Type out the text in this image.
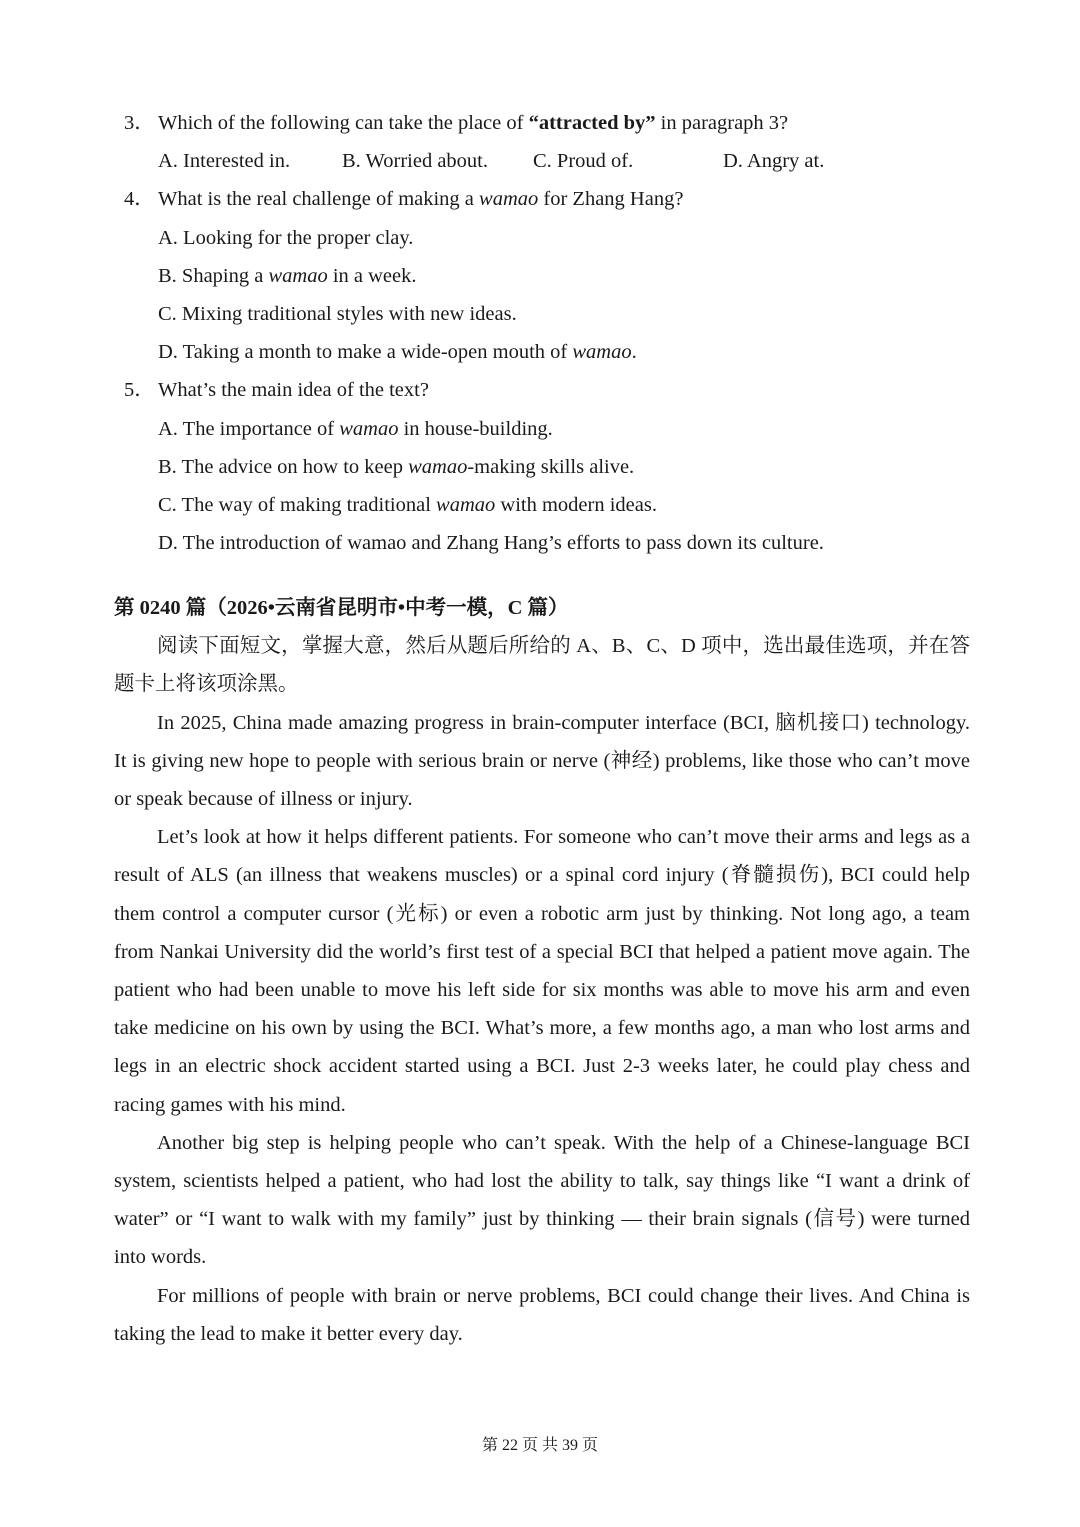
3． Which of the following can take the place of “attracted by” in paragraph 3?
A. Interested in.	B. Worried about. C. Proud of.	D. Angry at.
4． What is the real challenge of making a wamao for Zhang Hang?
A. Looking for the proper clay.
B. Shaping a wamao in a week.
C. Mixing traditional styles with new ideas.
D. Taking a month to make a wide-open mouth of wamao.
5． What’s the main idea of the text?
A. The importance of wamao in house-building.
B. The advice on how to keep wamao-making skills alive.
C. The way of making traditional wamao with modern ideas.
D. The introduction of wamao and Zhang Hang’s efforts to pass down its culture.
第 0240 篇（2026•云南省昆明市•中考一模，C 篇）

阅读下面短文，掌握大意，然后从题后所给的 A、B、C、D 项中，选出最佳选项，并在答题卡上将该项涂黑。

In 2025, China made amazing progress in brain-computer interface (BCI, 脑机接口) technology. It is giving new hope to people with serious brain or nerve (神经) problems, like those who can’t move or speak because of illness or injury.

Let’s look at how it helps different patients. For someone who can’t move their arms and legs as a result of ALS (an illness that weakens muscles) or a spinal cord injury (脊髓损伤), BCI could help them control a computer cursor (光标) or even a robotic arm just by thinking. Not long ago, a team from Nankai University did the world’s first test of a special BCI that helped a patient move again. The patient who had been unable to move his left side for six months was able to move his arm and even take medicine on his own by using the BCI. What’s more, a few months ago, a man who lost arms and legs in an electric shock accident started using a BCI. Just 2-3 weeks later, he could play chess and racing games with his mind.

Another big step is helping people who can’t speak. With the help of a Chinese-language BCI system, scientists helped a patient, who had lost the ability to talk, say things like “I want a drink of water” or “I want to walk with my family” just by thinking — their brain signals (信号) were turned into words.

For millions of people with brain or nerve problems, BCI could change their lives. And China is taking the lead to make it better every day.

第 22 页 共 39 页
